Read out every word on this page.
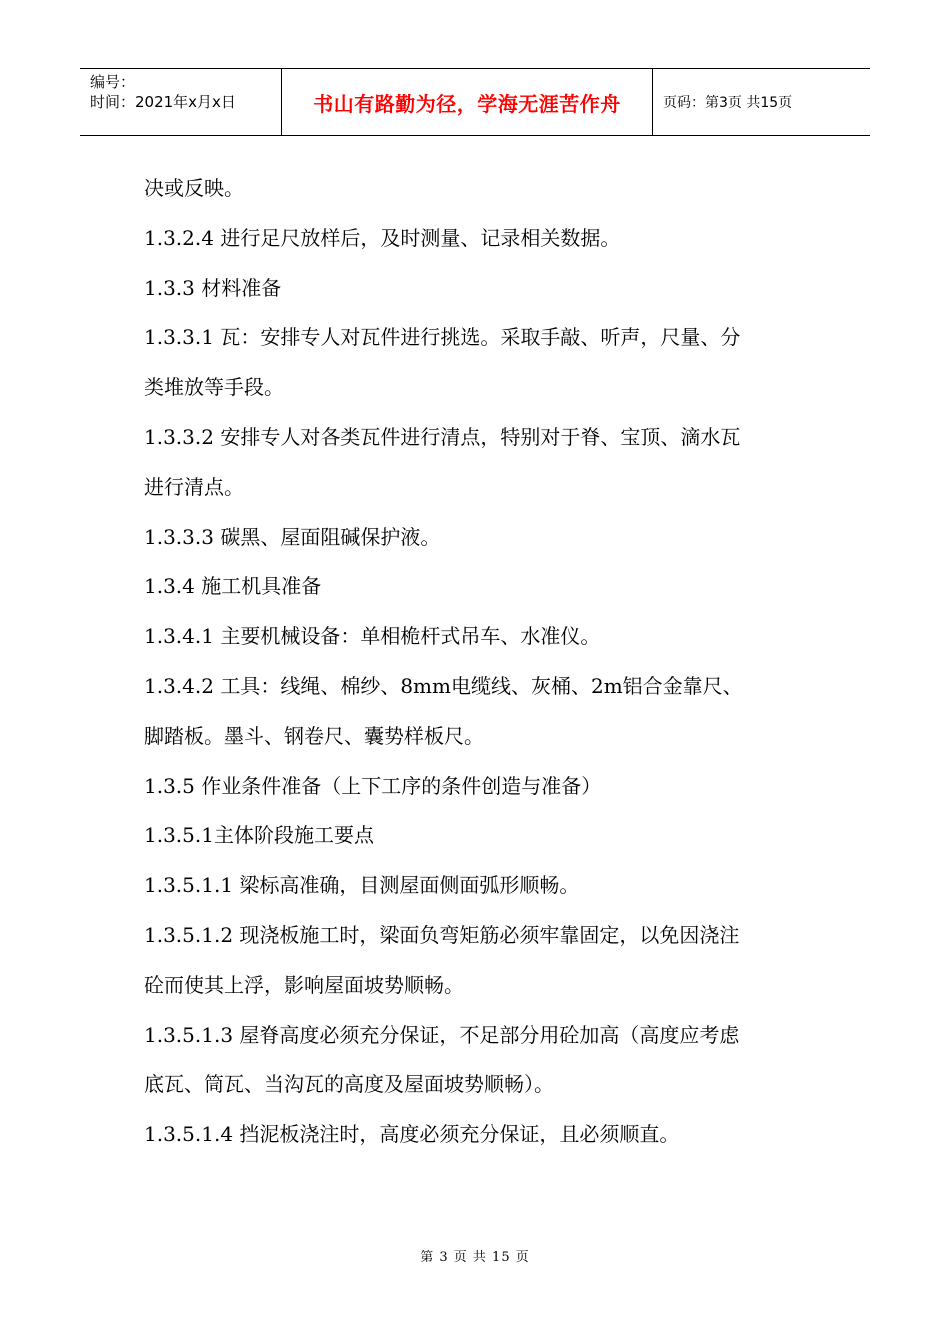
编号：
时间：2021年x月x日	书山有路勤为径，学海无涯苦作舟	页码：第3页 共15页
决或反映。
1.3.2.4 进行足尺放样后，及时测量、记录相关数据。
1.3.3 材料准备
1.3.3.1 瓦：安排专人对瓦件进行挑选。采取手敲、听声，尺量、分
类堆放等手段。
1.3.3.2 安排专人对各类瓦件进行清点，特别对于脊、宝顶、滴水瓦
进行清点。
1.3.3.3 碳黑、屋面阻碱保护液。
1.3.4 施工机具准备
1.3.4.1 主要机械设备：单相桅杆式吊车、水准仪。
1.3.4.2 工具：线绳、棉纱、8mm电缆线、灰桶、2m铝合金靠尺、
脚踏板。墨斗、钢卷尺、囊势样板尺。
1.3.5 作业条件准备（上下工序的条件创造与准备）
1.3.5.1主体阶段施工要点
1.3.5.1.1 梁标高准确，目测屋面侧面弧形顺畅。
1.3.5.1.2 现浇板施工时，梁面负弯矩筋必须牢靠固定，以免因浇注
砼而使其上浮，影响屋面坡势顺畅。
1.3.5.1.3 屋脊高度必须充分保证，不足部分用砼加高（高度应考虑
底瓦、筒瓦、当沟瓦的高度及屋面坡势顺畅）。
1.3.5.1.4 挡泥板浇注时，高度必须充分保证，且必须顺直。
第 3 页 共 15 页
